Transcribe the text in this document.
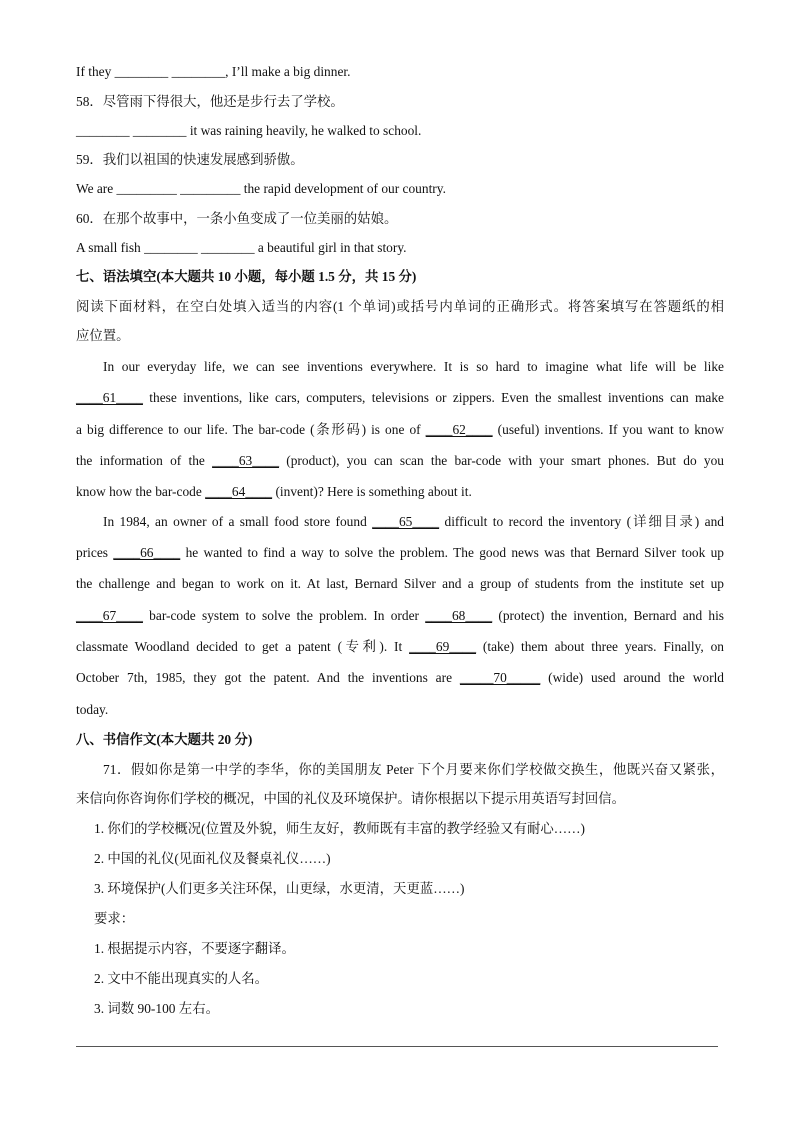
If they ________ ________, I’ll make a big dinner.
58．尽管雨下得很大，他还是步行去了学校。
________ ________ it was raining heavily, he walked to school.
59．我们以祖国的快速发展感到骄傲。
We are _________ _________ the rapid development of our country.
60．在那个故事中，一条小鱼变成了一位美丽的姑娘。
A small fish ________ ________ a beautiful girl in that story.
七、语法填空(本大题共 10 小题，每小题 1.5 分，共 15 分)
阅读下面材料，在空白处填入适当的内容(1 个单词)或括号内单词的正确形式。将答案填写在答题纸的相
应位置。
In our everyday life, we can see inventions everywhere. It is so hard to imagine what life will be like
____61____ these inventions, like cars, computers, televisions or zippers. Even the smallest inventions can make
a big difference to our life. The bar-code (条形码) is one of ____62____ (useful) inventions. If you want to know
the information of the ____63____ (product), you can scan the bar-code with your smart phones. But do you
know how the bar-code ____64____ (invent)? Here is something about it.
In 1984, an owner of a small food store found ____65____ difficult to record the inventory (详细目录) and
prices ____66____ he wanted to find a way to solve the problem. The good news was that Bernard Silver took up
the challenge and began to work on it. At last, Bernard Silver and a group of students from the institute set up
____67____ bar-code system to solve the problem. In order ____68____ (protect) the invention, Bernard and his
classmate Woodland decided to get a patent (专利). It ____69____ (take) them about three years. Finally, on
October 7th, 1985, they got the patent. And the inventions are _____70_____ (wide) used around the world
today.
八、书信作文(本大题共 20 分)
71．假如你是第一中学的李华，你的美国朋友 Peter 下个月要来你们学校做交换生，他既兴奋又紧张，
来信向你咨询你们学校的概况，中国的礼仪及环境保护。请你根据以下提示用英语写封回信。
1. 你们的学校概况(位置及外貌，师生友好，教师既有丰富的教学经验又有耐心……)
2. 中国的礼仪(见面礼仪及餐桌礼仪……)
3. 环境保护(人们更多关注环保，山更绿，水更清，天更蓝……)
要求：
1. 根据提示内容，不要逐字翻译。
2. 文中不能出现真实的人名。
3. 词数 90-100 左右。
